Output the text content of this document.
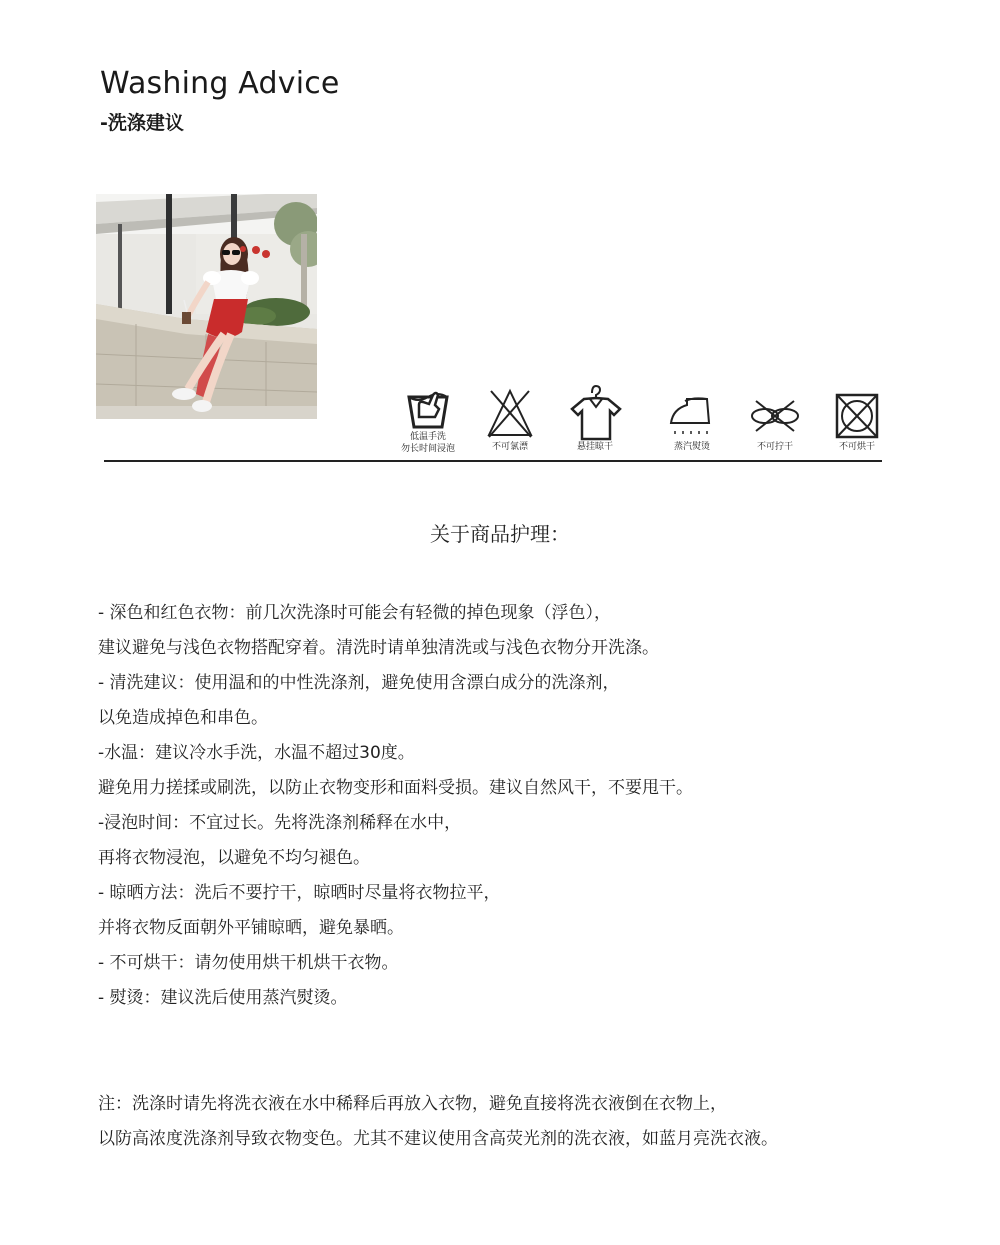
Washing Advice
-洗涤建议
低温手洗
勿长时间浸泡	不可氯漂	悬挂晾干	蒸汽熨烫	不可拧干	不可烘干
关于商品护理：

- 深色和红色衣物：前几次洗涤时可能会有轻微的掉色现象（浮色），

建议避免与浅色衣物搭配穿着。清洗时请单独清洗或与浅色衣物分开洗涤。

- 清洗建议：使用温和的中性洗涤剂，避免使用含漂白成分的洗涤剂，

以免造成掉色和串色。

-水温：建议冷水手洗，水温不超过30度。

避免用力搓揉或刷洗，以防止衣物变形和面料受损。建议自然风干，不要甩干。

-浸泡时间：不宜过长。先将洗涤剂稀释在水中，

再将衣物浸泡，以避免不均匀褪色。

- 晾晒方法：洗后不要拧干，晾晒时尽量将衣物拉平，

并将衣物反面朝外平铺晾晒，避免暴晒。

- 不可烘干：请勿使用烘干机烘干衣物。

- 熨烫：建议洗后使用蒸汽熨烫。

注：洗涤时请先将洗衣液在水中稀释后再放入衣物，避免直接将洗衣液倒在衣物上，

以防高浓度洗涤剂导致衣物变色。尤其不建议使用含高荧光剂的洗衣液，如蓝月亮洗衣液。
